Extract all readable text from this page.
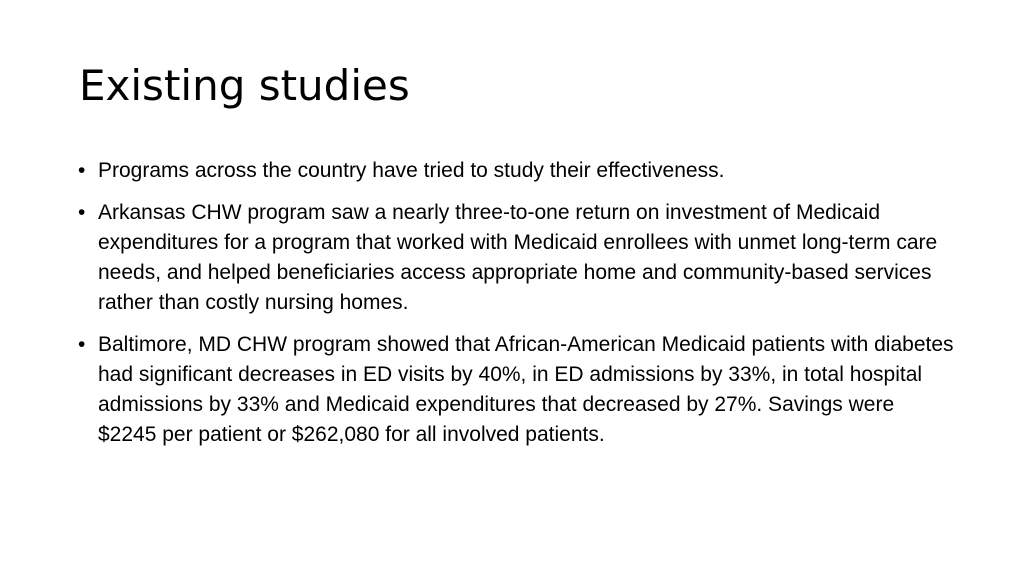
Existing studies
• Programs across the country have tried to study their effectiveness.
• Arkansas CHW program saw a nearly three-to-one return on investment of Medicaid expenditures for a program that worked with Medicaid enrollees with unmet long-term care needs, and helped beneficiaries access appropriate home and community-based services rather than costly nursing homes.
• Baltimore, MD CHW program showed that African-American Medicaid patients with diabetes had significant decreases in ED visits by 40%, in ED admissions by 33%, in total hospital admissions by 33% and Medicaid expenditures that decreased by 27%. Savings were $2245 per patient or $262,080 for all involved patients.
